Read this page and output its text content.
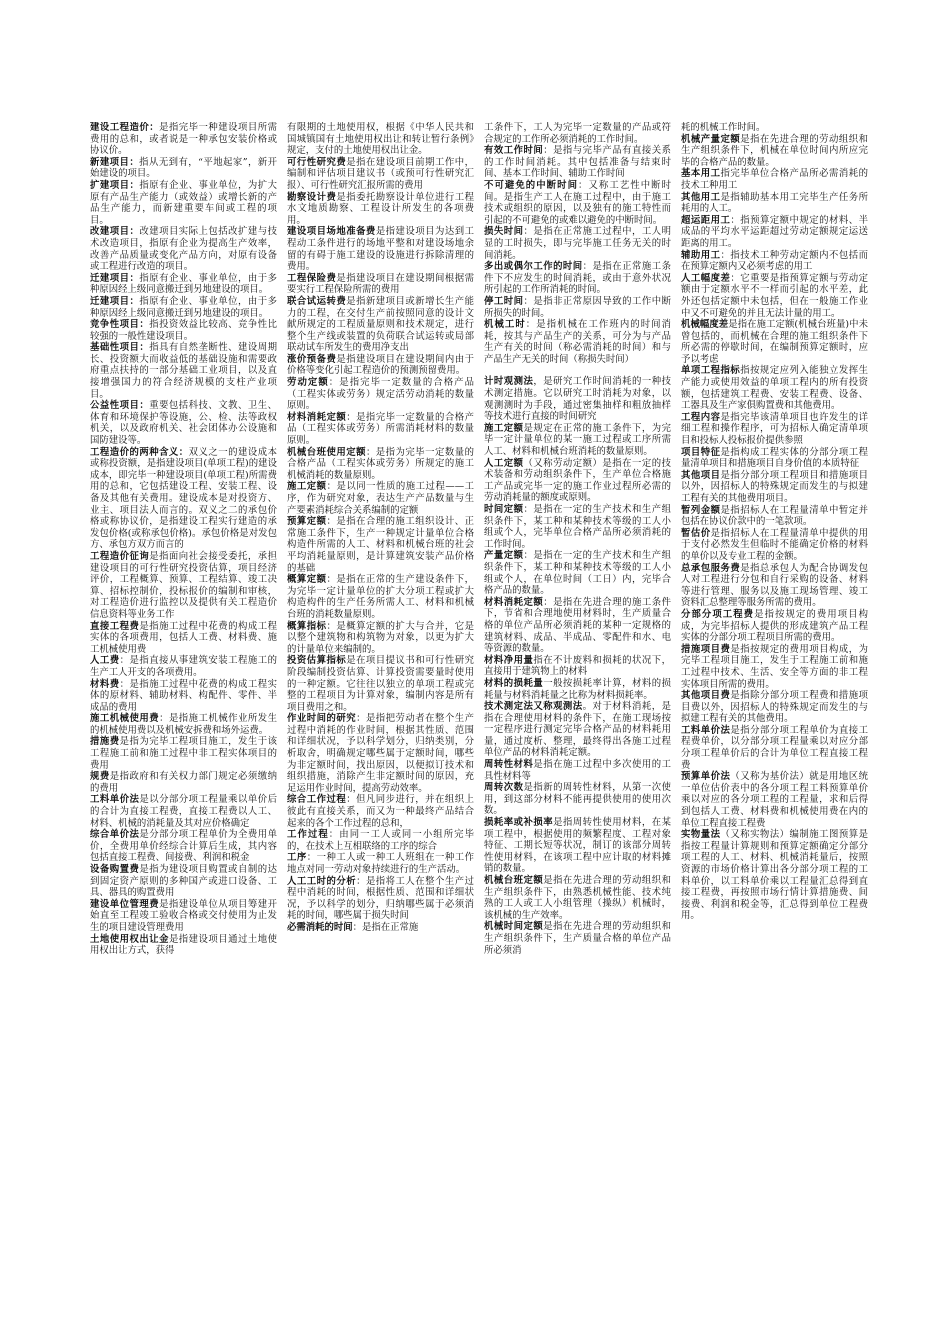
建设工程造价：是指完毕一种建设项目所需费用的总和，或者说是一种承包安装价格或协议价。

新建项目：指从无到有，“平地起家”，新开始建设的项目。

扩建项目：指原有企业、事业单位，为扩大原有产品生产能力（或效益）或增长新的产品生产能力，而新建重要车间或工程的项目。

改建项目：改建项目实际上包括改扩建与技术改造项目，指原有企业为提高生产效率，改善产品质量或变化产品方向，对原有设备或工程进行改造的项目。

迁建项目：指原有企业、事业单位，由于多种原因经上级同意搬迁到另地建设的项目。

迁建项目：指原有企业、事业单位，由于多种原因经上级同意搬迁到另地建设的项目。

竞争性项目：指投资效益比较高、竞争性比较强的一般性建设项目。

基础性项目：指具有自然垄断性、建设周期长、投资额大而收益低的基础设施和需要政府重点扶持的一部分基础工业项目，以及直接增强国力的符合经济规模的支柱产业项目。

公益性项目：重要包括科技、文教、卫生、体育和环境保护等设施，公、检、法等政权机关，以及政府机关、社会团体办公设施和国防建设等。

工程造价的两种含义：双义之一的建设成本或称投资额，是指建设项目(单项工程)的建设成本，即完毕一种建设项目(单项工程)所需费用的总和，它包括建设工程、安装工程、设备及其他有关费用。建设成本是对投资方、业主、项目法人而言的。双义之二的承包价格或称协议价，是指建设工程实行建造的承发包价格(或称承包价格)。承包价格是对发包方、承包方双方而言的

工程造价征询是指面向社会接受委托，承担建设项目的可行性研究投资估算，项目经济评价，工程概算、预算、工程结算、竣工决算、招标控制价，投标报价的编制和审核，对工程造价进行监控以及提供有关工程造价信息资料等业务工作

直接工程费是指施工过程中花费的构成工程实体的各项费用，包括人工费、材料费、施工机械使用费

人工费：是指直接从事建筑安装工程施工的生产工人开支的各项费用。

材料费：是指施工过程中花费的构成工程实体的原材料、辅助材料、构配件、零件、半成品的费用

施工机械使用费：是指施工机械作业所发生的机械使用费以及机械安拆费和场外运费。

措施费是指为完毕工程项目施工，发生于该工程施工前和施工过程中非工程实体项目的费用

规费是指政府和有关权力部门规定必须缴纳的费用

工料单价法是以分部分项工程量乘以单价后的合计为直接工程费，直接工程费以人工、材料、机械的消耗量及其对应价格确定

综合单价法是分部分项工程单价为全费用单价，全费用单价经综合计算后生成，其内容包括直接工程费、间接费、利润和税金

设备购置费是指为建设项目购置或自制的达到固定资产原则的多种国产或进口设备、工具、器具的购置费用

建设单位管理费是指建设单位从项目筹建开始直至工程竣工验收合格或交付使用为止发生的项目建设管理费用

土地使用权出让金是指建设项目通过土地使用权出让方式，获得

有限期的土地使用权，根据《中华人民共和国城镇国有土地使用权出让和转让暂行条例》规定，支付的土地使用权出让金。

可行性研究费是指在建设项目前期工作中，编制和评估项目建议书（或预可行性研究汇报）、可行性研究汇报所需的费用

勘察设计费是指委托勘察设计单位进行工程水文地质勘察、工程设计所发生的各项费用。

建设项目场地准备费是指建设项目为达到工程动工条件进行的场地平整和对建设场地余留的有碍于施工建设的设施进行拆除清理的费用。

工程保险费是指建设项目在建设期间根据需要实行工程保险所需的费用

联合试运转费是指新建项目或新增长生产能力的工程，在交付生产前按照同意的设计文献所规定的工程质量原则和技术规定，进行整个生产线或装置的负荷联合试运转或局部联动试车所发生的费用净支出

涨价预备费是指建设项目在建设期间内由于价格等变化引起工程造价的预测预留费用。

劳动定额：是指完毕一定数量的合格产品（工程实体或劳务）规定活劳动消耗的数量原则。

材料消耗定额：是指完毕一定数量的合格产品（工程实体或劳务）所需消耗材料的数量原则。

机械台班使用定额：是指为完毕一定数量的合格产品（工程实体或劳务）所规定的施工机械消耗的数量原则。

施工定额：是以同一性质的施工过程——工序，作为研究对象，表达生产产品数量与生产要素消耗综合关系编制的定额

预算定额：是指在合理的施工组织设计、正常施工条件下，生产一种规定计量单位合格构造件所需的人工、材料和机械台班的社会平均消耗量原则，是计算建筑安装产品价格的基础

概算定额：是指在正常的生产建设条件下，为完毕一定计量单位的扩大分项工程或扩大构造构件的生产任务所需人工、材料和机械台班的消耗数量原则。

概算指标：是概算定额的扩大与合并，它是以整个建筑物和构筑物为对象，以更为扩大的计量单位来编制的。

投资估算指标是在项目提议书和可行性研究阶段编制投资估算、计算投资需要量时使用的一种定额。它往往以独立的单项工程或完整的工程项目为计算对象，编制内容是所有项目费用之和。

作业时间的研究：是指把劳动者在整个生产过程中消耗的作业时间，根据其性质、范围和详细状况，予以科学划分，归纳类别，分析取舍，明确规定哪些属于定额时间，哪些为非定额时间，找出原因，以便拟订技术和组织措施，消除产生非定额时间的原因，充足运用作业时间，提高劳动效率。

综合工作过程：但凡同步进行，并在组织上彼此有直接关系，而又为一种最终产品结合起来的各个工作过程的总和，

工作过程：由同一工人或同一小组所完毕的，在技术上互相联络的工序的综合

工序：一种工人或一种工人班组在一种工作地点对同一劳动对象持续进行的生产活动。

人工工时的分析：是指将工人在整个生产过程中消耗的时间，根据性质、范围和详细状况，予以科学的划分，归纳哪些属于必须消耗的时间，哪些属于损失时间

必需消耗的时间：是指在正常施

工条件下，工人为完毕一定数量的产品或符合规定的工作所必须消耗的工作时间。

有效工作时间：是指与完毕产品有直接关系的工作时间消耗。其中包括准备与结束时间、基本工作时间、辅助工作时间

不可避免的中断时间：又称工艺性中断时间。是指生产工人在施工过程中，由于施工技术或组织的原因，以及独有的施工特性而引起的不可避免的或难以避免的中断时间。

损失时间：是指在正常施工过程中，工人明显的工时损失，即与完毕施工任务无关的时间消耗。

多出或偶尔工作的时间：是指在正常施工条件下不应发生的时间消耗，或由于意外状况所引起的工作所消耗的时间。

停工时间：是指非正常原因导致的工作中断所损失的时间。

机械工时：是指机械在工作班内的时间消耗，按其与产品生产的关系，可分为与产品生产有关的时间（称必需消耗的时间）和与产品生产无关的时间（称损失时间）

计时观测法，是研究工作时间消耗的一种技术测定措施。它以研究工时消耗为对象，以观测测时为手段，通过密集抽样和粗放抽样等技术进行直接的时间研究

施工定额是规定在正常的施工条件下，为完毕一定计量单位的某一施工过程或工序所需人工、材料和机械台班消耗的数量原则。

人工定额（又称劳动定额）是指在一定的技术装备和劳动组织条件下，生产单位合格施工产品或完毕一定的施工作业过程所必需的劳动消耗量的额度或原则。

时间定额：是指在一定的生产技术和生产组织条件下，某工种和某种技术等级的工人小组或个人，完毕单位合格产品所必须消耗的工作时间。

产量定额：是指在一定的生产技术和生产组织条件下，某工种和某种技术等级的工人小组或个人，在单位时间（工日）内，完毕合格产品的数量。

材料消耗定额：是指在先进合理的施工条件下，节省和合理地使用材料时，生产质量合格的单位产品所必须消耗的某种一定规格的建筑材料、成品、半成品、零配件和水、电等资源的数量。

材料净用量指在不计废料和损耗的状况下，直接用于建筑物上的材料

材料的损耗量一般按损耗率计算，材料的损耗量与材料消耗量之比称为材料损耗率。

技术测定法又称观测法。对于材料消耗，是指在合理使用材料的条件下，在施工现场按一定程序进行测定完毕合格产品的材料耗用量，通过度析、整理，最终得出各施工过程单位产品的材料消耗定额。

周转性材料是指在施工过程中多次使用的工具性材料等

周转次数是指新的周转性材料，从第一次使用，到这部分材料不能再提供使用的使用次数。

损耗率或补损率是指周转性使用材料，在某项工程中，根据使用的频繁程度、工程对象特征、工期长短等状况，制订的该部分周转性使用材料，在该项工程中应计取的材料摊销的数量。

机械台班定额是指在先进合理的劳动组织和生产组织条件下，由熟悉机械性能、技术纯熟的工人或工人小组管理（操纵）机械时，该机械的生产效率。

机械时间定额是指在先进合理的劳动组织和生产组织条件下，生产质量合格的单位产品所必须消

耗的机械工作时间。

机械产量定额是指在先进合理的劳动组织和生产组织条件下，机械在单位时间内所应完毕的合格产品的数量。

基本用工指完毕单位合格产品所必需消耗的技术工种用工

其他用工是指辅助基本用工完毕生产任务所耗用的人工。

超运距用工：指预算定额中规定的材料、半成品的平均水平运距超过劳动定额规定运送距离的用工。

辅助用工：指技术工种劳动定额内不包括而在预算定额内又必须考虑的用工

人工幅度差：它重要是指预算定额与劳动定额由于定额水平不一样而引起的水平差，此外还包括定额中未包括，但在一般施工作业中又不可避免的并且无法计量的用工。

机械幅度差是指在施工定额(机械台班量)中未曾包括的，而机械在合理的施工组织条件下所必需的停歇时间，在编制预算定额时，应予以考虑

单项工程指标指按规定应列入能独立发挥生产能力或使用效益的单项工程内的所有投资额，包括建筑工程费、安装工程费、设备、工器具及生产家俱购置费和其他费用。

工程内容是指完毕该清单项目也许发生的详细工程和操作程序，可为招标人确定清单项目和投标人投标报价提供参照

项目特征是指构成工程实体的分部分项工程量清单项目和措施项目自身价值的本质特征

其他项目是指分部分项工程项目和措施项目以外，因招标人的特殊规定而发生的与拟建工程有关的其他费用项目。

暂列金额是指招标人在工程量清单中暂定并包括在协议价款中的一笔款项。

暂估价是指招标人在工程量清单中提供的用于支付必然发生但临时不能确定价格的材料的单价以及专业工程的金额。

总承包服务费是指总承包人为配合协调发包人对工程进行分包和自行采购的设备、材料等进行管理、服务以及施工现场管理、竣工资料汇总整理等服务所需的费用。

分部分项工程费是指按规定的费用项目构成，为完毕招标人提供的形成建筑产品工程实体的分部分项工程项目所需的费用。

措施项目费是指按规定的费用项目构成，为完毕工程项目施工，发生于工程施工前和施工过程中技术、生活、安全等方面的非工程实体项目所需的费用。

其他项目费是指除分部分项工程费和措施项目费以外，因招标人的特殊规定而发生的与拟建工程有关的其他费用。

工料单价法是指分部分项工程单价为直接工程费单价，以分部分项工程量乘以对应分部分项工程单价后的合计为单位工程直接工程费

预算单价法（又称为基价法）就是用地区统一单位估价表中的各分项工程工料预算单价乘以对应的各分项工程的工程量，求和后得到包括人工费、材料费和机械使用费在内的单位工程直接工程费

实物量法（又称实物法）编制施工图预算是指按工程量计算规则和预算定额确定分部分项工程的人工、材料、机械消耗量后，按照资源的市场价格计算出各分部分项工程的工料单价，以工料单价乘以工程量汇总得到直接工程费，再按照市场行情计算措施费、间接费、利润和税金等，汇总得到单位工程费用。
